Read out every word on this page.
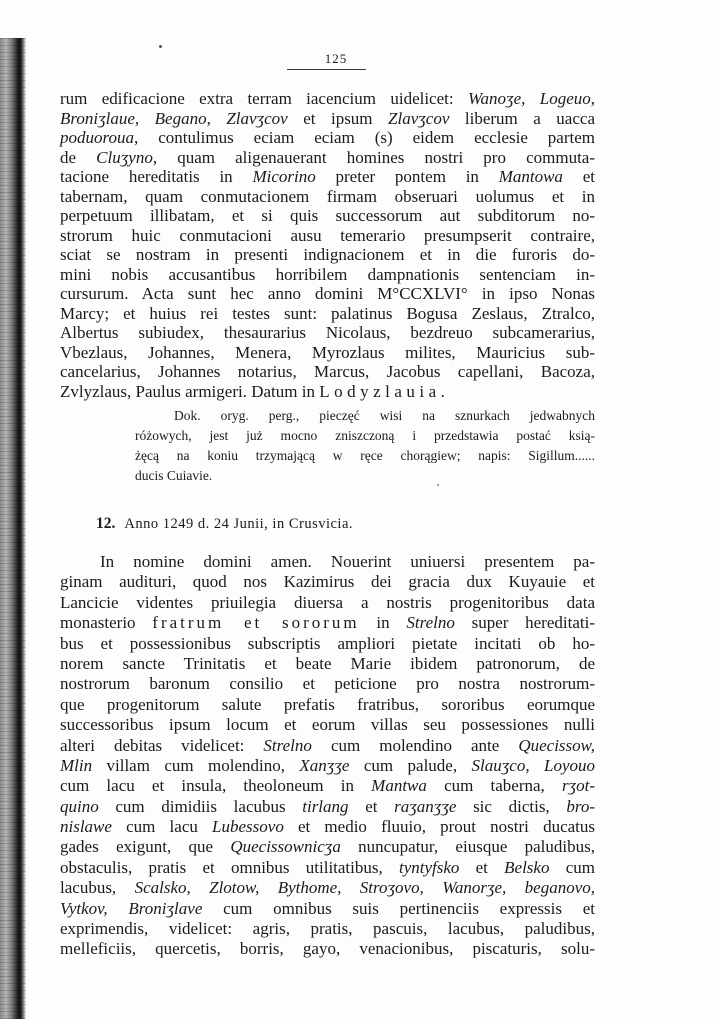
125
rum edificacione extra terram iacencium uidelicet: Wanoʒe, Logeuo,
Broniʒlaue, Begano, Zlavʒcov et ipsum Zlavʒcov liberum a uacca
poduoroua, contulimus eciam eciam (s) eidem ecclesie partem
de Cluʒyno, quam aligenauerant homines nostri pro commuta-
tacione hereditatis in Micorino preter pontem in Mantowa et
tabernam, quam conmutacionem firmam obseruari uolumus et in
perpetuum illibatam, et si quis successorum aut subditorum no-
strorum huic conmutacioni ausu temerario presumpserit contraire,
sciat se nostram in presenti indignacionem et in die furoris do-
mini nobis accusantibus horribilem dampnationis sentenciam in-
cursurum. Acta sunt hec anno domini M°CCXLVI° in ipso Nonas
Marcy; et huius rei testes sunt: palatinus Bogusa Zeslaus, Ztralco,
Albertus subiudex, thesaurarius Nicolaus, bezdreuo subcamerarius,
Vbezlaus, Johannes, Menera, Myrozlaus milites, Mauricius sub-
cancelarius, Johannes notarius, Marcus, Jacobus capellani, Bacoza,
Zvlyzlaus, Paulus armigeri. Datum in Lodyzlauia.
Dok. oryg. perg., pieczęć wisi na sznurkach jedwabnych
różowych, jest już mocno zniszczoną i przedstawia postać ksią-
żęcą na koniu trzymającą w ręce chorągiew; napis: Sigillum......
ducis Cuiavie.
12. Anno 1249 d. 24 Junii, in Crusvicia.
In nomine domini amen. Nouerint uniuersi presentem pa-
ginam audituri, quod nos Kazimirus dei gracia dux Kuyauie et
Lancicie videntes priuilegia diuersa a nostris progenitoribus data
monasterio fratrum et sororum in Strelno super hereditati-
bus et possessionibus subscriptis ampliori pietate incitati ob ho-
norem sancte Trinitatis et beate Marie ibidem patronorum, de
nostrorum baronum consilio et peticione pro nostra nostrorum-
que progenitorum salute prefatis fratribus, sororibus eorumque
successoribus ipsum locum et eorum villas seu possessiones nulli
alteri debitas videlicet: Strelno cum molendino ante Quecissow,
Mlin villam cum molendino, Xanʒʒe cum palude, Slauʒco, Loyouo
cum lacu et insula, theoloneum in Mantwa cum taberna, rʒot-
quino cum dimidiis lacubus tirlang et raʒanʒʒe sic dictis, bro-
nislawe cum lacu Lubessovo et medio fluuio, prout nostri ducatus
gades exigunt, que Quecissownicʒa nuncupatur, eiusque paludibus,
obstaculis, pratis et omnibus utilitatibus, tyntyfsko et Belsko cum
lacubus, Scalsko, Zlotow, Bythome, Stroʒovo, Wanorʒe, beganovo,
Vytkov, Broniʒlave cum omnibus suis pertinenciis expressis et
exprimendis, videlicet: agris, pratis, pascuis, lacubus, paludibus,
melleficiis, quercetis, borris, gayo, venacionibus, piscaturis, solu-
